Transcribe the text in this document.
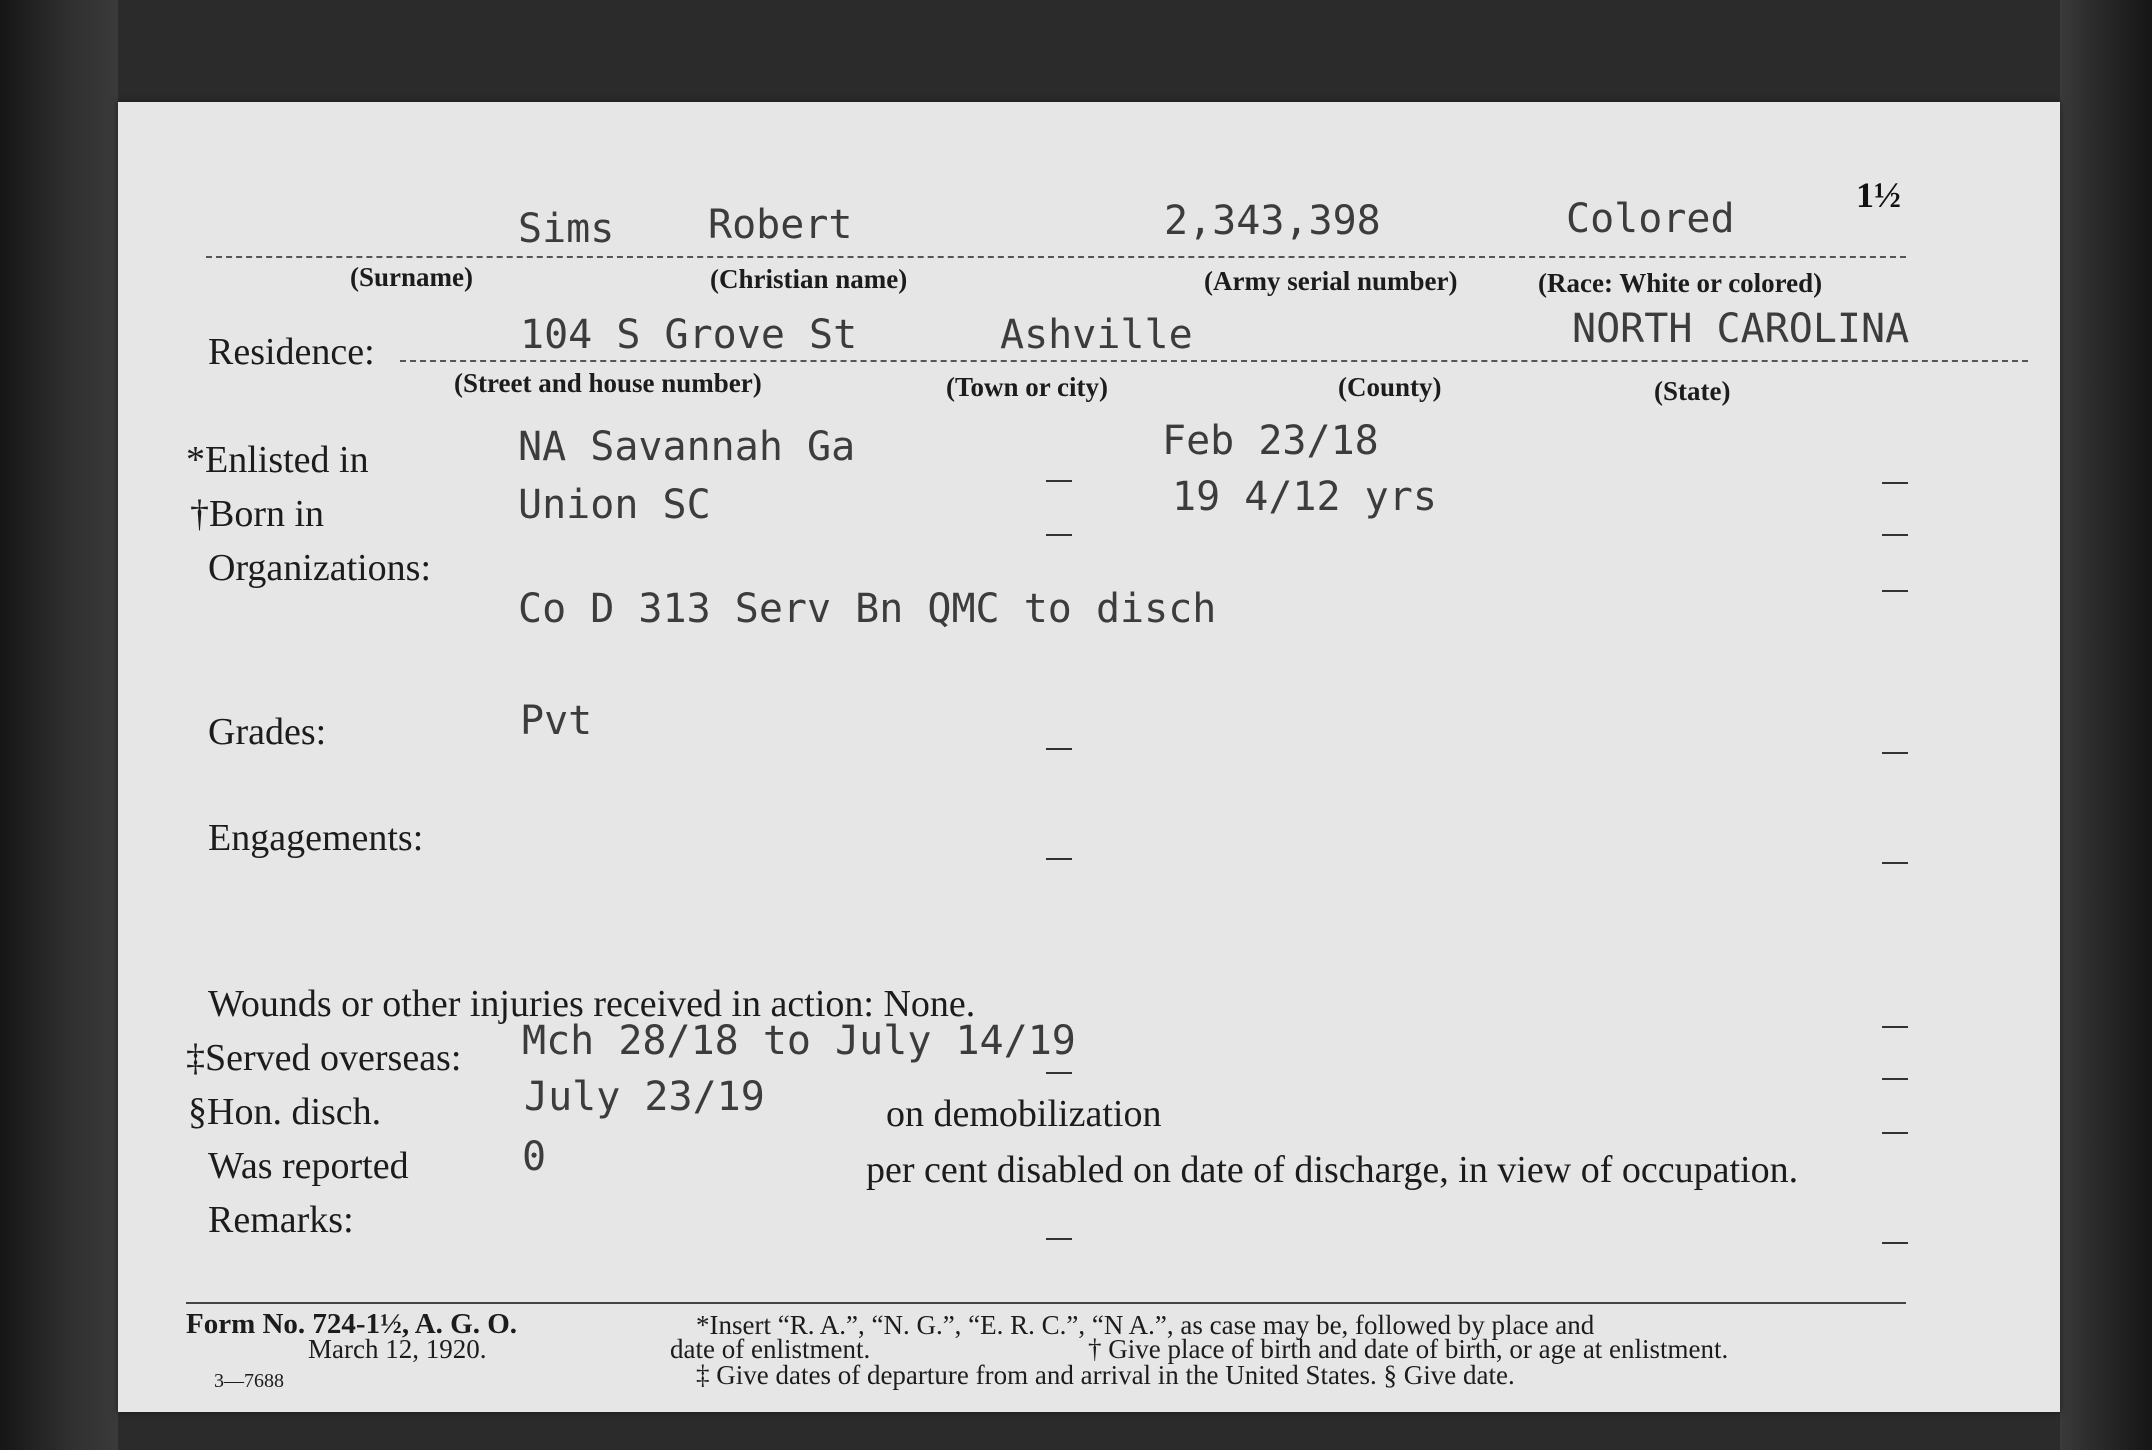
1½
Sims Robert	2,343,398	Colored
(Surname)	(Christian name)	(Army serial number)	(Race: White or colored)
Residence:	104 S Grove St	Ashville	NORTH CAROLINA
(Street and house number)	(Town or city)	(County)	(State)
*Enlisted in	NA Savannah Ga	Feb 23/18
†Born in	Union SC	19 4/12 yrs
Organizations:
Co D 313 Serv Bn QMC to disch
Grades:	Pvt
Engagements:
Wounds or other injuries received in action: None.
‡Served overseas: Mch 28/18 to July 14/19
§Hon. disch.	July 23/19	on demobilization
Was reported	0	per cent disabled on date of discharge, in view of occupation.
Remarks:
Form No. 724-1½, A. G. O.
March 12, 1920.
3—7688
*Insert “R. A.”, “N. G.”, “E. R. C.”, “N A.”, as case may be, followed by place and
date of enlistment.	† Give place of birth and date of birth, or age at enlistment.
‡ Give dates of departure from and arrival in the United States. § Give date.
